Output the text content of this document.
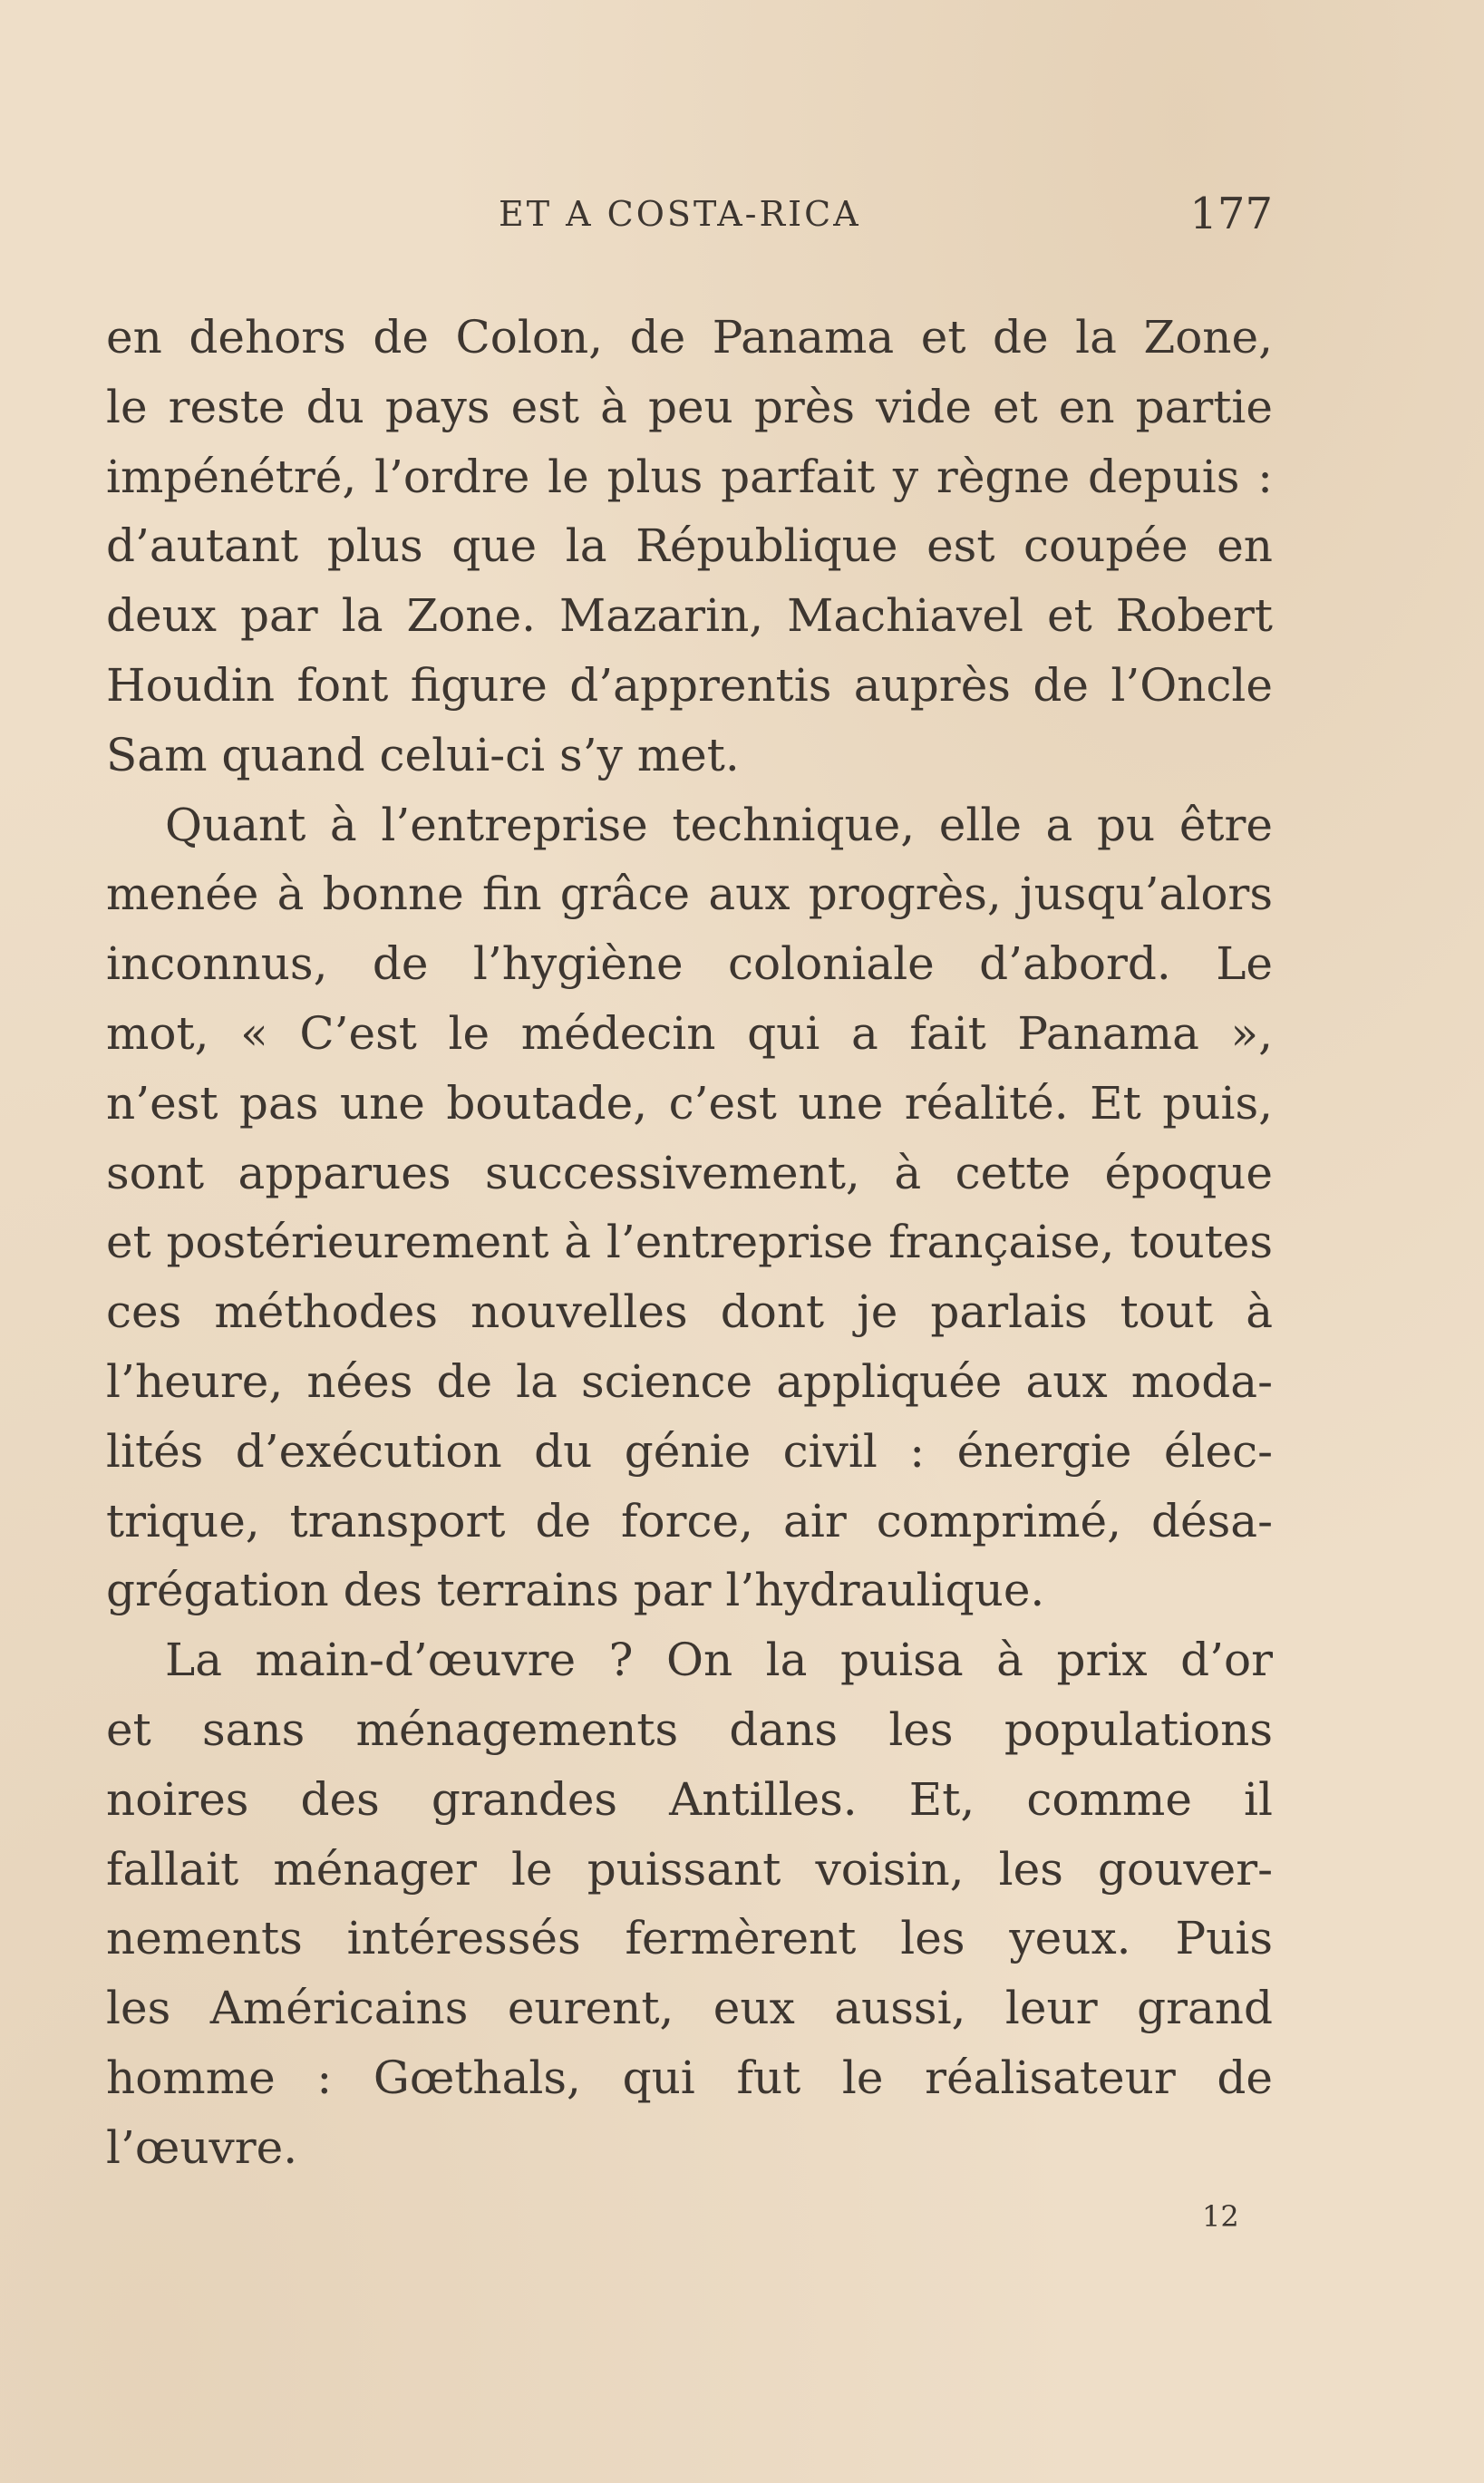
ET A COSTA-RICA	177
en dehors de Colon, de Panama et de la Zone,
le reste du pays est à peu près vide et en partie
impénétré, l’ordre le plus parfait y règne depuis :
d’autant plus que la République est coupée en
deux par la Zone. Mazarin, Machiavel et Robert
Houdin font figure d’apprentis auprès de l’Oncle
Sam quand celui-ci s’y met.
Quant à l’entreprise technique, elle a pu être
menée à bonne fin grâce aux progrès, jusqu’alors
inconnus, de l’hygiène coloniale d’abord. Le
mot, « C’est le médecin qui a fait Panama »,
n’est pas une boutade, c’est une réalité. Et puis,
sont apparues successivement, à cette époque
et postérieurement à l’entreprise française, toutes
ces méthodes nouvelles dont je parlais tout à
l’heure, nées de la science appliquée aux moda-
lités d’exécution du génie civil : énergie élec-
trique, transport de force, air comprimé, désa-
grégation des terrains par l’hydraulique.
La main-d’œuvre ? On la puisa à prix d’or
et sans ménagements dans les populations
noires des grandes Antilles. Et, comme il
fallait ménager le puissant voisin, les gouver-
nements intéressés fermèrent les yeux. Puis
les Américains eurent, eux aussi, leur grand
homme : Gœthals, qui fut le réalisateur de
l’œuvre.
12
